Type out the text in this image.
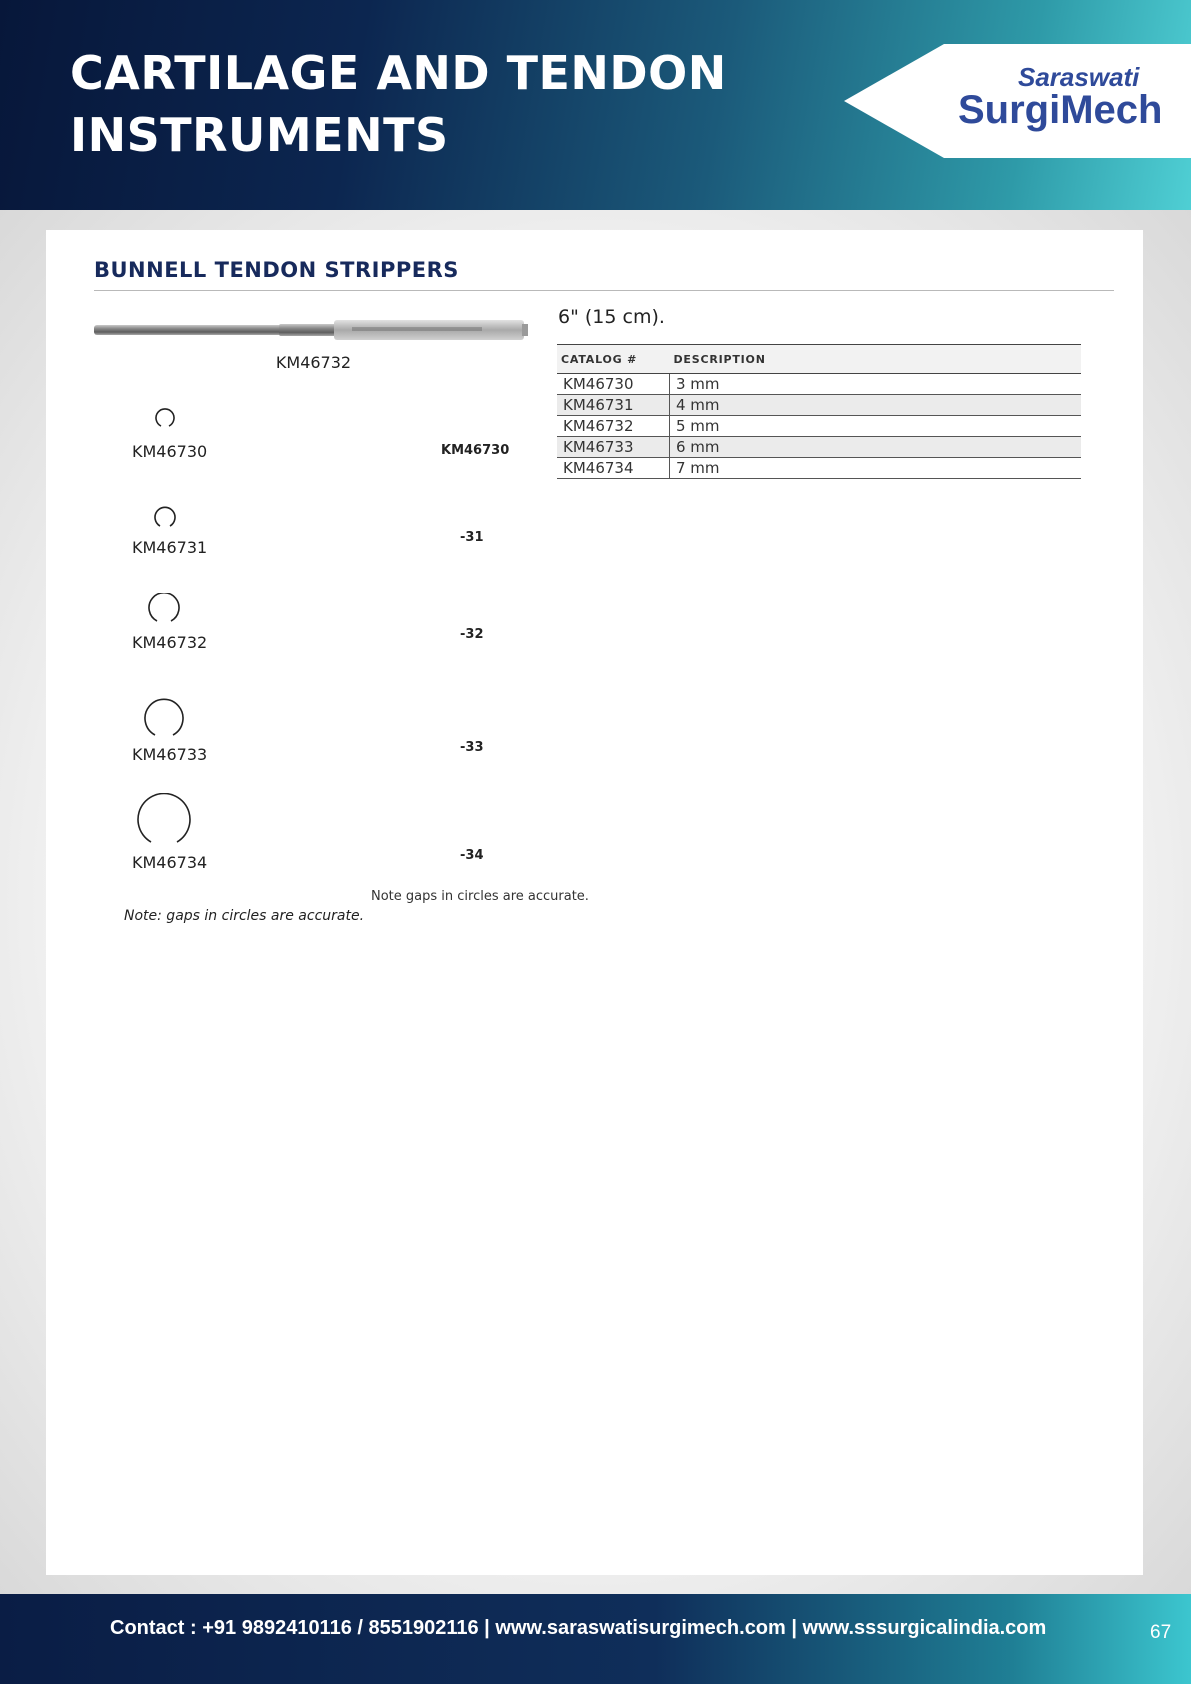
CARTILAGE AND TENDON
INSTRUMENTS
Saraswati
SurgiMech
BUNNELL TENDON STRIPPERS
KM46732
KM46730	KM46730
KM46731
-31
KM46732	-32
KM46733	-33
KM46734	-34
Note gaps in circles are accurate.
Note: gaps in circles are accurate.
6" (15 cm).
CATALOG #	DESCRIPTION
KM46730	3 mm
KM46731	4 mm
KM46732	5 mm
KM46733	6 mm
KM46734	7 mm
Contact : +91 9892410116 / 8551902116 | www.saraswatisurgimech.com | www.sssurgicalindia.com	67
